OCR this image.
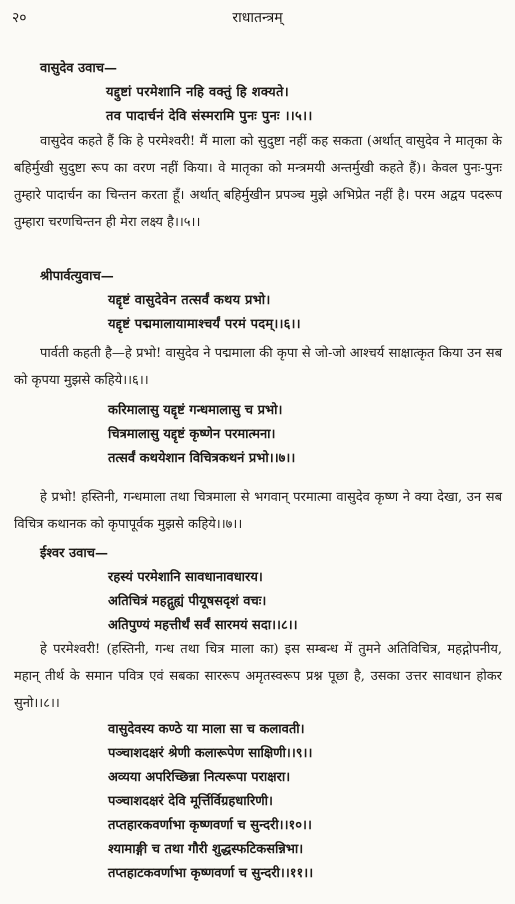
२०	राधातन्त्रम्
वासुदेव उवाच—
यद्दुष्टां परमेशानि नहि वक्तुं हि शक्यते।
तव पादार्चनं देवि संस्मरामि पुनः पुनः ।।५।।
वासुदेव कहते हैं कि हे परमेश्वरी! मैं माला को सुदुष्टा नहीं कह सकता (अर्थात् वासुदेव ने मातृका के बहिर्मुखी सुदुष्टा रूप का वरण नहीं किया। वे मातृका को मन्त्रमयी अन्तर्मुखी कहते हैं)। केवल पुनः-पुनः तुम्हारे पादार्चन का चिन्तन करता हूँ। अर्थात् बहिर्मुखीन प्रपञ्च मुझे अभिप्रेत नहीं है। परम अद्वय पदरूप तुम्हारा चरणचिन्तन ही मेरा लक्ष्य है।।५।।
श्रीपार्वत्युवाच—
यद्दृष्टं वासुदेवेन तत्सर्वं कथय प्रभो।
यद्दृष्टं पद्ममालायामाश्चर्यं परमं पदम्।।६।।
पार्वती कहती है—हे प्रभो! वासुदेव ने पद्ममाला की कृपा से जो-जो आश्चर्य साक्षात्कृत किया उन सब को कृपया मुझसे कहिये।।६।।
करिमालासु यद्दृष्टं गन्धमालासु च प्रभो।
चित्रमालासु यद्दृष्टं कृष्णेन परमात्मना।
तत्सर्वं कथयेशान विचित्रकथनं प्रभो।।७।।
हे प्रभो! हस्तिनी, गन्धमाला तथा चित्रमाला से भगवान् परमात्मा वासुदेव कृष्ण ने क्या देखा, उन सब विचित्र कथानक को कृपापूर्वक मुझसे कहिये।।७।।
ईश्वर उवाच—
रहस्यं परमेशानि सावधानावधारय।
अतिचित्रं महद्गुह्यं पीयूषसदृशं वचः।
अतिपुण्यं महत्तीर्थं सर्वं सारमयं सदा।।८।।
हे परमेश्वरी! (हस्तिनी, गन्ध तथा चित्र माला का) इस सम्बन्ध में तुमने अतिविचित्र, महद्गोपनीय, महान् तीर्थ के समान पवित्र एवं सबका साररूप अमृतस्वरूप प्रश्न पूछा है, उसका उत्तर सावधान होकर सुनो।।८।।
वासुदेवस्य कण्ठे या माला सा च कलावती।
पञ्चाशदक्षरं श्रेणी कलारूपेण साक्षिणी।।९।।
अव्यया अपरिच्छिन्ना नित्यरूपा पराक्षरा।
पञ्चाशदक्षरं देवि मूर्त्तिर्विग्रहधारिणी।
तप्तहारकवर्णाभा कृष्णवर्णा च सुन्दरी।।१०।।
श्यामाङ्गी च तथा गौरी शुद्धस्फटिकसन्निभा।
तप्तहाटकवर्णाभा कृष्णवर्णा च सुन्दरी।।११।।
